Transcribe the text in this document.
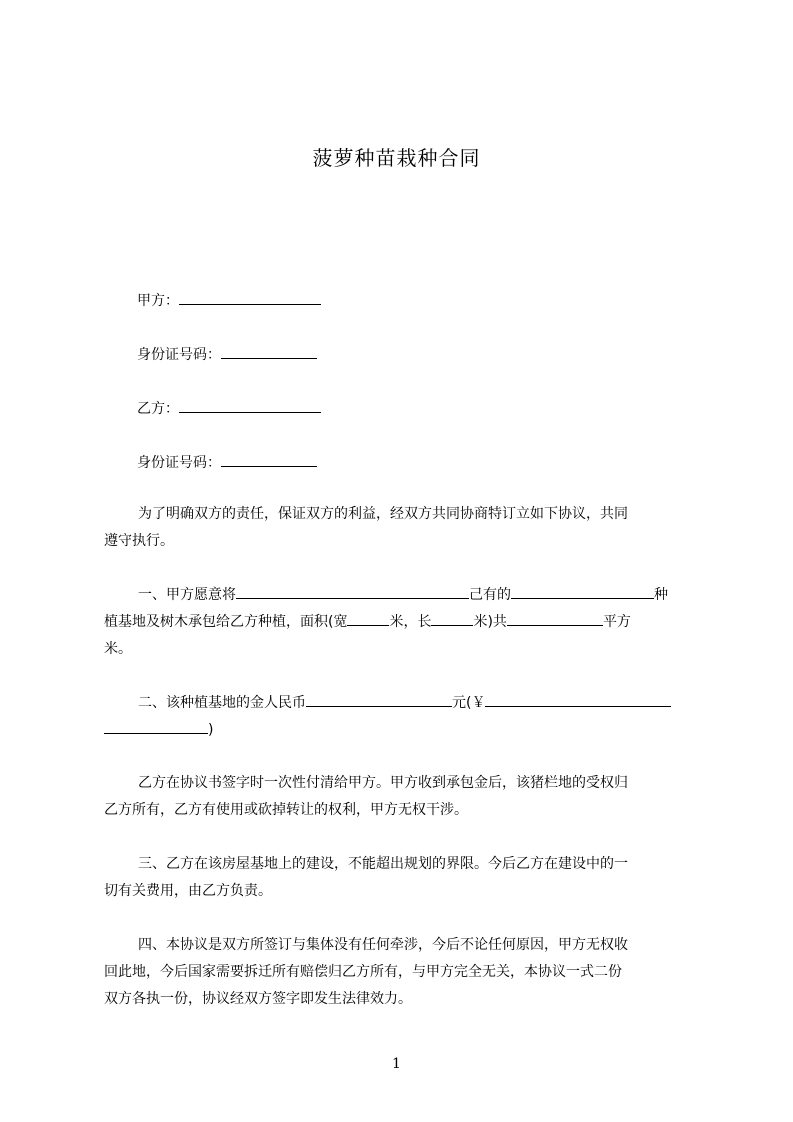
菠萝种苗栽种合同
甲方：
身份证号码：
乙方：
身份证号码：
为了明确双方的责任，保证双方的利益，经双方共同协商特订立如下协议，共同
遵守执行。
一、甲方愿意将	己有的	种
植基地及树木承包给乙方种植，面积(宽	米，长	米)共	平方
米。
二、该种植基地的金人民币	元(￥
)
乙方在协议书签字时一次性付清给甲方。甲方收到承包金后，该猪栏地的受权归
乙方所有，乙方有使用或砍掉转让的权利，甲方无权干涉。
三、乙方在该房屋基地上的建设，不能超出规划的界限。今后乙方在建设中的一
切有关费用，由乙方负责。
四、本协议是双方所签订与集体没有任何牵涉，今后不论任何原因，甲方无权收
回此地，今后国家需要拆迁所有赔偿归乙方所有，与甲方完全无关，本协议一式二份
双方各执一份，协议经双方签字即发生法律效力。
1
